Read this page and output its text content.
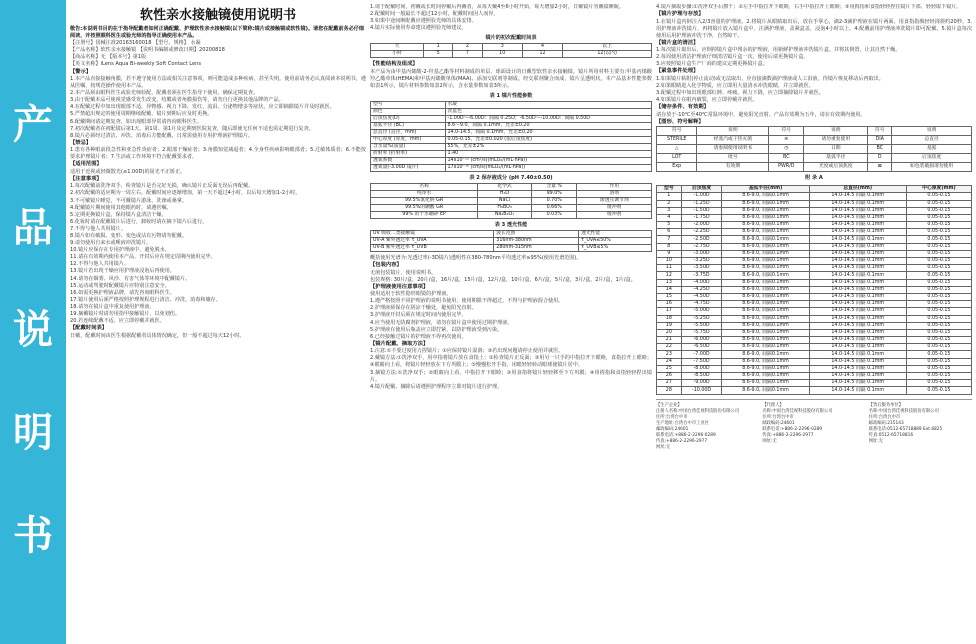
产
品
说
明
书
软性亲水接触镜使用说明书

敬告:本说明书目的在于指导配戴者如何正确配戴、护理软性亲水接触镜(以下简称:镜片或接触镜或软性镜)。请您在配戴前务必仔细阅读，并按照眼科医生或验光师的指导正确使用本产品。

【注册号】国械注准20163160018 【型号、规格】 水凝

【产品名称】软性亲水接触镜 【说明书编制或修改日期】20200818

【商品名称】无 【版本号】第1版

【英文名称】iLens Aqua Bi-weekly Soft Contact Lens

【警示】

1.本产品直接接触角膜，若不遵守使用方法或相关注意事项，则可能造成多种疾病，甚至失明。使用前请务必认真阅读本说明书，遵从医嘱，按规范操作使用本产品。

2.本产品须由眼科医生或验光师验配，配戴者须在医生指导下使用，确保定期复查。

3.由于配戴本品可使视觉感受发生改变，结膜或者角膜损伤等，请勿自行更换其他品牌的产品。

4.在配戴过程中如出现眼部不适、异物感、视力下降、发红、流泪、分泌物增多等症状，应立即摘除镜片并及时就医。

5.严禁超出规定的使用周期继续配戴，镜片到期后应及时更换。

6.配戴期间请定期复查，如出现眼部异常请咨询眼科医生。

7.初次配戴者在初配镜后第1天、第1周、第1月及定期到医院复查，随后即使无任何不适也需定期进行复查。

8.镜片必须经过清洁、冲洗、消毒后方能配戴，日常需使用专用护理液护理镜片。

【禁忌】

1.患有各种眼前段急性和亚急性炎症者；2.眼部干燥症者；3.角膜知觉减退者；4.全身性疾病影响眼部者；5.过敏体质者；6.不能按要求护理镜片者；7.生活或工作环境不符合配戴要求者。

【适用范围】

适用于近视或轻微散光(≤1.00D)的屈光不正矫正。

【注意事项】

1.每次配戴前洗净双手，检查镜片是否完好无损，确认镜片正反面无误后再配戴。

2.初次配戴的适应期为一周左右，配戴时间应逐渐增加，第一天不超过4小时，以后每天增加1-2小时。

3.不可戴镜片睡觉，不可戴镜片游泳、洗澡或桑拿。

4.配戴镜片期间使用其他眼药时，请遵医嘱。

5.定期更换镜片盒，保持镜片盒清洁干燥。

6.化妆时请在配戴镜片后进行，卸妆时请在摘下镜片后进行。

7.不得与他人共用镜片。

8.镜片如有破损、变形、变色或沾有污物请勿配戴。

9.请勿使用自来水或唾液冲洗镜片。

10.镜片应保存在专用护理液中，避免脱水。

11.请在有效期内使用本产品，开封后应在规定周期内使用完毕。

12.不得与他人共用镜片。

13.镜片若出现干燥应用护理液浸泡后再使用。

14.请勿在烟雾、风沙、有害气体等环境中配戴镜片。

15.运动或驾驶时配戴镜片应特别注意安全。

16.如需更换护理液品牌，请先咨询眼科医生。

17.镜片使用后须严格按照护理规程进行清洁、冲洗、消毒和储存。

18.请勿在镜片盒中重复使用护理液。

19.摘戴镜片时请勿用指甲接触镜片，以免划伤。

20.若连续配戴不适，应立即停戴并就医。

【配戴时间表】

日戴，配戴时间由医生根据配戴者具体情况确定，但一般不超过每天12小时。

1.请于配戴时间，初戴或长时间停戴后再戴者，从每天戴4至6小时开始，每天增加2小时，日戴镜片勿戴镜睡眠。

2.配戴时间一般最长不超过12小时，配戴时间因人而异。

3.如果中途间断配戴应遵照验光师的具体安排。

4.镜片实际使用寿命建议遵照验光师建议。

镜片的初次配戴时间表
天	1	2	3	4	以上
小时	5	7	10	12	12(以内)

【性能结构及组成】

本产品为由甲基丙烯酸-2-羟基乙酯等材料制成的单层，球面设计的日戴型软性亲水接触镜。镜片所用材料主要有:甲基丙烯酸羟乙酯单体(HEMA)和甲基丙烯酸单体(MAA)、添加交联剂等制成。经交联剂聚合而成，镜片呈透明状。本产品基本性能参数如表1所示，镜片材料参数如表2所示，含水量参数如表3所示。

表 1 镜片性能参数
型号	水凝
颜色	淡蓝色
后顶焦度(D)	-1.00D～-6.00D：间隔 0.25D；-6.50D～-10.00D：间隔 0.50D
基弧半径 (BC)	8.6～9.0，间隔 0.1mm，允差±0.20
总直径 (直径，mm)	14.0-14.5，间隔 0.1mm，允差±0.20
中心厚度 (厚度，mm)	0.05-0.15，允差±0.020 (依后顶焦度)
含水量%(质量)	55%，允差±2%
折射率 (折射率)	1.40
透氧系数	14x10⁻¹¹ (cm²/s)(mLO₂/(mL·hPa))
透氧量(-3.00D 镜片)	17x10⁻¹⁰ (cm/s)(mLO₂/(mL·hPa))
表 2 保存液成分 (pH 7.40±0.50)
名称	化学式	含量 %	作用
纯净水	H₂O	99.0%	溶剂
99.5%氯化钠 GR	NaCl	0.70%	渗透压调节剂
99.5%的硼酸 GR	H₃BO₃	0.66%	缓冲剂
99% 的十水硼砂 EP	Na₂B₄O₇	0.03%	缓冲剂
表 3 透光性能
UV 吸收二类接触镜	波长范围	透光性能
UV-A 紫外透过率 τ_UVA	316nm-380nm	τ_UVA≤50%
UV-B 紫外透过率 τ_UVB	280nm-315nm	τ_UVB≤5%

概括使用光谱为:光透过率(-3D镜片)透明性在380-780nm平均透过率≥95%(使用光谱范围)。

【包装内容】

无菌包装镜片，使用说明书。

包装规格: 30片/盒，20片/盒，16片/盒，15片/盒，12片/盒，10片/盒，6片/盒，5片/盒，3片/盒，2片/盒，1片/盒。

【护理液使用注意事项】

使用适用于软性隐形眼镜的护理液。

1.遵严格按照不同护理液的说明书使用，使用期限不得超过，不得与护理液混合使用。

2.护理液须保存在阴凉干燥处，避免阳光直射。

3.护理液开封后须在规定时间内使用完毕。

4.应当使用无防腐剂护理液，请勿在镜片盒中使用过期护理液。

5.护理液在使用后瓶盖应立即拧紧，以防护理液受到污染。

6.已经接触过镜片的护理液不得再次使用。

【镜片配戴、摘取方法】

1.注意:①不要过度用力捏镜片；②应保持镜片湿润；③若出现问题请停止使用并就医。

2.戴镜方法:①洗净双手，用中指将镜片放在食指上；②检查镜片正反面；③用另一只手的中指拉开下眼睑，食指拉开上眼睑；④眼睛向上看，将镜片轻轻放在下方巩膜上；⑤慢慢松开手指，闭眼轻轻转动眼球使镜片居中。

3.摘镜方法:①洗净双手；②眼睛向上看，中指拉开下眼睑；③用食指将镜片轻轻移至下方巩膜；④用拇指和食指轻轻捏出镜片。

4.镜片配戴、摘除后请遵照护理程序立即对镜片进行护理。

4.镜片摘取步骤:①洗净双手后擦干；②左手中指拉开下眼睑，右手中指拉开上眼睑；③用拇指和食指轻轻捏住镜片下部，轻轻取下镜片。

【镜片护理与存放】

1.在镜片盒内倒注入2/3容量的护理液。2.将镜片从眼睛取出后，放在手掌心，滴2-3滴护理液在镜片两面，用食指指腹轻轻揉搓约20秒。3.用护理液冲洗镜片，再将镜片放入镜片盒中，注满护理液，盖紧盒盖，浸泡4小时以上。4.配戴前用护理液冲洗镜片即可配戴。5.镜片盒每次使用后用护理液冲洗干净，自然晾干。

【镜片盒的清洁】

1.每次镜片取出后，应倒掉镜片盒中残余的护理液，用新鲜护理液冲洗镜片盒，并将其倒置，让其自然干燥。

2.每周使用清洁护理液仔细清洁镜片盒一次，使用后请更换镜片盒。

3.应按照镜片盒生产厂商的建议定期更换镜片盒。

【紧急事件处理】

1.如果镜片粘附(停止流动)或无法取出，应直接滴数滴护理液或人工泪液，待镜片恢复移动后再取出。

2.如果眼睛进入化学物质，应立即用大量清水冲洗眼睛，并立即就医。

3.配戴过程中如出现眼部红肿、疼痛、视力下降，应立即摘除镜片并就医。

4.如果镜片在眼内破裂，应立即停戴并就医。

【储存条件、有效期】

请存放于-10℃至40℃常温环境中，避免阳光直射。产品有效期为五年，请在有效期内使用。

【图形、符号解释】

符号	说明	符号	说明	符号	说明
STERILE	经蒸汽或干热灭菌	⊘	请勿重复使用	DIA	总直径
△	请参阅使用说明书	◷	日期	BC	基弧
LOT	批号	BC	基弧半径	D	后顶焦度
Exp	有效期	PWR/D	光度或后顶焦度	⊠	如包装破损请勿使用
附 录 A
型号	后顶焦度	基弧半径(mm)	总直径(mm)	中心厚度(mm)
1	-1.00D	8.6-9.0, 间隔0.1mm	14.0-14.5 间隔 0.1mm	0.05-0.15
2	-1.25D	8.6-9.0, 间隔0.1mm	14.0-14.5 间隔 0.1mm	0.05-0.15
3	-1.50D	8.6-9.0, 间隔0.1mm	14.0-14.5 间隔 0.1mm	0.05-0.15
4	-1.75D	8.6-9.0, 间隔0.1mm	14.0-14.5 间隔 0.1mm	0.05-0.15
5	-2.00D	8.6-9.0, 间隔0.1mm	14.0-14.5 间隔 0.1mm	0.05-0.15
6	-2.25D	8.6-9.0, 间隔0.1mm	14.0-14.5 间隔 0.1mm	0.05-0.15
7	-2.50D	8.6-9.0, 间隔0.1mm	14.0-14.5 间隔 0.1mm	0.05-0.15
8	-2.75D	8.6-9.0, 间隔0.1mm	14.0-14.5 间隔 0.1mm	0.05-0.15
9	-3.00D	8.6-9.0, 间隔0.1mm	14.0-14.5 间隔 0.1mm	0.05-0.15
10	-3.25D	8.6-9.0, 间隔0.1mm	14.0-14.5 间隔 0.1mm	0.05-0.15
11	-3.50D	8.6-9.0, 间隔0.1mm	14.0-14.5 间隔 0.1mm	0.05-0.15
12	-3.75D	8.6-9.0, 间隔0.1mm	14.0-14.5 间隔 0.1mm	0.05-0.15
13	-4.00D	8.6-9.0, 间隔0.1mm	14.0-14.5 间隔 0.1mm	0.05-0.15
14	-4.25D	8.6-9.0, 间隔0.1mm	14.0-14.5 间隔 0.1mm	0.05-0.15
15	-4.50D	8.6-9.0, 间隔0.1mm	14.0-14.5 间隔 0.1mm	0.05-0.15
16	-4.75D	8.6-9.0, 间隔0.1mm	14.0-14.5 间隔 0.1mm	0.05-0.15
17	-5.00D	8.6-9.0, 间隔0.1mm	14.0-14.5 间隔 0.1mm	0.05-0.15
18	-5.25D	8.6-9.0, 间隔0.1mm	14.0-14.5 间隔 0.1mm	0.05-0.15
19	-5.50D	8.6-9.0, 间隔0.1mm	14.0-14.5 间隔 0.1mm	0.05-0.15
20	-5.75D	8.6-9.0, 间隔0.1mm	14.0-14.5 间隔 0.1mm	0.05-0.15
21	-6.00D	8.6-9.0, 间隔0.1mm	14.0-14.5 间隔 0.1mm	0.05-0.15
22	-6.50D	8.6-9.0, 间隔0.1mm	14.0-14.5 间隔 0.1mm	0.05-0.15
23	-7.00D	8.6-9.0, 间隔0.1mm	14.0-14.5 间隔 0.1mm	0.05-0.15
24	-7.50D	8.6-9.0, 间隔0.1mm	14.0-14.5 间隔 0.1mm	0.05-0.15
25	-8.00D	8.6-9.0, 间隔0.1mm	14.0-14.5 间隔 0.1mm	0.05-0.15
26	-8.50D	8.6-9.0, 间隔0.1mm	14.0-14.5 间隔 0.1mm	0.05-0.15
27	-9.00D	8.6-9.0, 间隔0.1mm	14.0-14.5 间隔 0.1mm	0.05-0.15
28	-10.00D	8.6-9.0, 间隔0.1mm	14.0-14.5 间隔 0.1mm	0.05-0.15

【生产企业】
注册人名称:中国台湾佳视科技股份有限公司
住所:台湾台中市
生产地址:台湾台中市工业区
邮政编码:24601
联系电话:+886-2-2296-0289
传真:+886-2-2296-2977
网址:无

【代理人】
名称:中国台湾佳视科技股份有限公司
住所:台湾台中市
邮政编码:24601
联系电话:+886-2-2296-0289
传真:+886-2-2296-2977
网址:无

【售后服务单位】
名称:中国台湾佳视科技股份有限公司
住所:台湾台中市
邮政编码:215143
联系电话:0512-65718889 Ext.6825
传真:0512-65718816
网址:无
